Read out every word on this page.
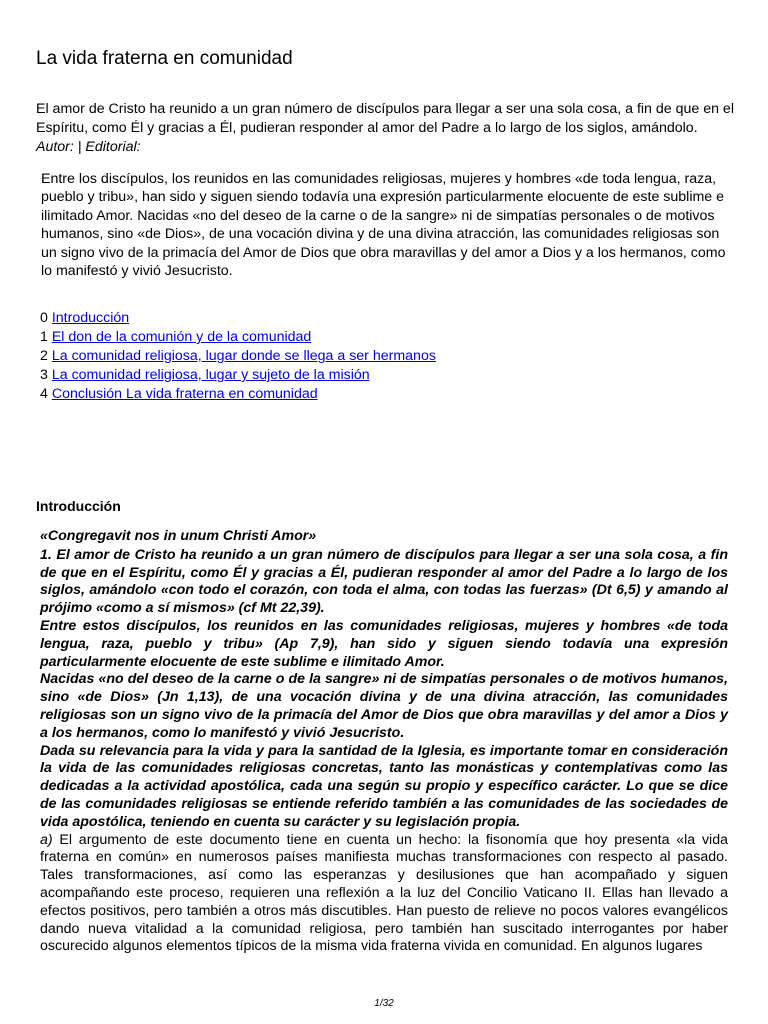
La vida fraterna en comunidad

El amor de Cristo ha reunido a un gran número de discípulos para llegar a ser una sola cosa, a fin de que en el Espíritu, como Él y gracias a Él, pudieran responder al amor del Padre a lo largo de los siglos, amándolo.
Autor: | Editorial:

Entre los discípulos, los reunidos en las comunidades religiosas, mujeres y hombres «de toda lengua, raza, pueblo y tribu», han sido y siguen siendo todavía una expresión particularmente elocuente de este sublime e ilimitado Amor. Nacidas «no del deseo de la carne o de la sangre» ni de simpatías personales o de motivos humanos, sino «de Dios», de una vocación divina y de una divina atracción, las comunidades religiosas son un signo vivo de la primacía del Amor de Dios que obra maravillas y del amor a Dios y a los hermanos, como lo manifestó y vivió Jesucristo.

0 Introducción
1 El don de la comunión y de la comunidad
2 La comunidad religiosa, lugar donde se llega a ser hermanos
3 La comunidad religiosa, lugar y sujeto de la misión
4 Conclusión La vida fraterna en comunidad
Introducción
«Congregavit nos in unum Christi Amor»
1. El amor de Cristo ha reunido a un gran número de discípulos para llegar a ser una sola cosa, a fin de que en el Espíritu, como Él y gracias a Él, pudieran responder al amor del Padre a lo largo de los siglos, amándolo «con todo el corazón, con toda el alma, con todas las fuerzas» (Dt 6,5) y amando al prójimo «como a sí mismos» (cf Mt 22,39).
Entre estos discípulos, los reunidos en las comunidades religiosas, mujeres y hombres «de toda lengua, raza, pueblo y tribu» (Ap 7,9), han sido y siguen siendo todavía una expresión particularmente elocuente de este sublime e ilimitado Amor.
Nacidas «no del deseo de la carne o de la sangre» ni de simpatías personales o de motivos humanos, sino «de Dios» (Jn 1,13), de una vocación divina y de una divina atracción, las comunidades religiosas son un signo vivo de la primacía del Amor de Dios que obra maravillas y del amor a Dios y a los hermanos, como lo manifestó y vivió Jesucristo.
Dada su relevancia para la vida y para la santidad de la Iglesia, es importante tomar en consideración la vida de las comunidades religiosas concretas, tanto las monásticas y contemplativas como las dedicadas a la actividad apostólica, cada una según su propio y específico carácter. Lo que se dice de las comunidades religiosas se entiende referido también a las comunidades de las sociedades de vida apostólica, teniendo en cuenta su carácter y su legislación propia.
a) El argumento de este documento tiene en cuenta un hecho: la fisonomía que hoy presenta «la vida fraterna en común» en numerosos países manifiesta muchas transformaciones con respecto al pasado. Tales transformaciones, así como las esperanzas y desilusiones que han acompañado y siguen acompañando este proceso, requieren una reflexión a la luz del Concilio Vaticano II. Ellas han llevado a efectos positivos, pero también a otros más discutibles. Han puesto de relieve no pocos valores evangélicos dando nueva vitalidad a la comunidad religiosa, pero también han suscitado interrogantes por haber oscurecido algunos elementos típicos de la misma vida fraterna vivida en comunidad. En algunos lugares
1/32
